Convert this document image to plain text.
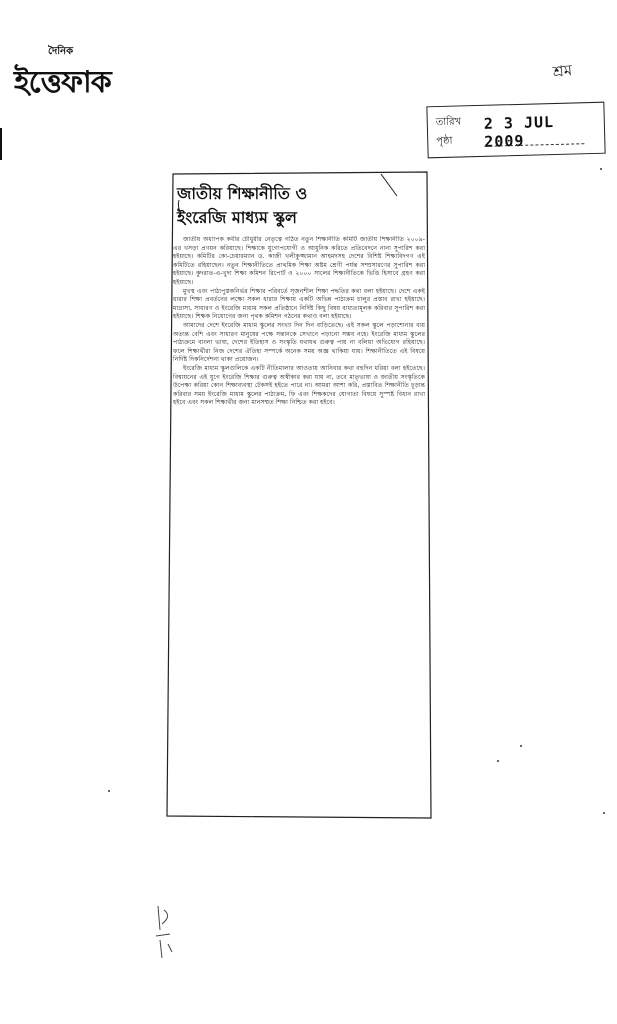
দৈনিক
ইত্তেফাক	শ্রম
তারিখ 2 3 JUL 2009
পৃষ্ঠা
জাতীয় শিক্ষানীতি ও
ইংরেজি মাধ্যম স্কুল

জাতীয় অধ্যাপক কবীর চৌধুরীর নেতৃত্বে গঠিত নতুন শিক্ষানীতি কমিটি জাতীয় শিক্ষানীতি ২০০৯-এর খসড়া প্রণয়ন করিয়াছে। শিক্ষাকে যুগোপযোগী ও আধুনিক করিতে প্রতিবেদনে নানা সুপারিশ করা হইয়াছে। কমিটির কো-চেয়ারম্যান ড. কাজী খলীকুজ্জামান আহমদসহ দেশের বিশিষ্ট শিক্ষাবিদগণ এই কমিটিতে রহিয়াছেন। নতুন শিক্ষানীতিতে প্রাথমিক শিক্ষা অষ্টম শ্রেণী পর্যন্ত সম্প্রসারণের সুপারিশ করা হইয়াছে। কুদরাত-এ-খুদা শিক্ষা কমিশন রিপোর্ট ও ২০০০ সালের শিক্ষানীতিকে ভিত্তি হিসাবে গ্রহণ করা হইয়াছে।

মুখস্থ এবং পাঠ্যপুস্তকনির্ভর শিক্ষার পরিবর্তে সৃজনশীল শিক্ষা পদ্ধতির কথা বলা হইয়াছে। দেশে একই ধারার শিক্ষা প্রবর্তনের লক্ষ্যে সকল ধারার শিক্ষায় একটি অভিন্ন পাঠ্যক্রম চালুর প্রস্তাব রাখা হইয়াছে। মাদ্রাসা, সাধারণ ও ইংরেজি মাধ্যম সকল প্রতিষ্ঠানে নির্দিষ্ট কিছু বিষয় বাধ্যতামূলক করিবার সুপারিশ করা হইয়াছে। শিক্ষক নিয়োগের জন্য পৃথক কমিশন গঠনের কথাও বলা হইয়াছে।

আমাদের দেশে ইংরেজি মাধ্যম স্কুলের সংখ্যা দিন দিন বাড়িতেছে। এই সকল স্কুলে পড়াশোনার ব্যয় অত্যন্ত বেশি এবং সাধারণ মানুষের পক্ষে সন্তানকে সেখানে পড়ানো সম্ভব নহে। ইংরেজি মাধ্যম স্কুলের পাঠ্যক্রমে বাংলা ভাষা, দেশের ইতিহাস ও সংস্কৃতি যথাযথ গুরুত্ব পায় না বলিয়া অভিযোগ রহিয়াছে। ফলে শিক্ষার্থীরা নিজ দেশের ঐতিহ্য সম্পর্কে অনেক সময় অজ্ঞ থাকিয়া যায়। শিক্ষানীতিতে এই বিষয়ে নির্দিষ্ট দিকনির্দেশনা থাকা প্রয়োজন।

ইংরেজি মাধ্যম স্কুলগুলিকে একটি নীতিমালার আওতায় আনিবার কথা বহুদিন ধরিয়া বলা হইতেছে। বিশ্বায়নের এই যুগে ইংরেজি শিক্ষার গুরুত্ব অস্বীকার করা যায় না, তবে মাতৃভাষা ও জাতীয় সংস্কৃতিকে উপেক্ষা করিয়া কোন শিক্ষাব্যবস্থা টেকসই হইতে পারে না। আমরা আশা করি, প্রস্তাবিত শিক্ষানীতি চূড়ান্ত করিবার সময় ইংরেজি মাধ্যম স্কুলের পাঠ্যক্রম, ফি এবং শিক্ষকদের যোগ্যতা বিষয়ে সুস্পষ্ট বিধান রাখা হইবে এবং সকল শিক্ষার্থীর জন্য মানসম্মত শিক্ষা নিশ্চিত করা হইবে।
